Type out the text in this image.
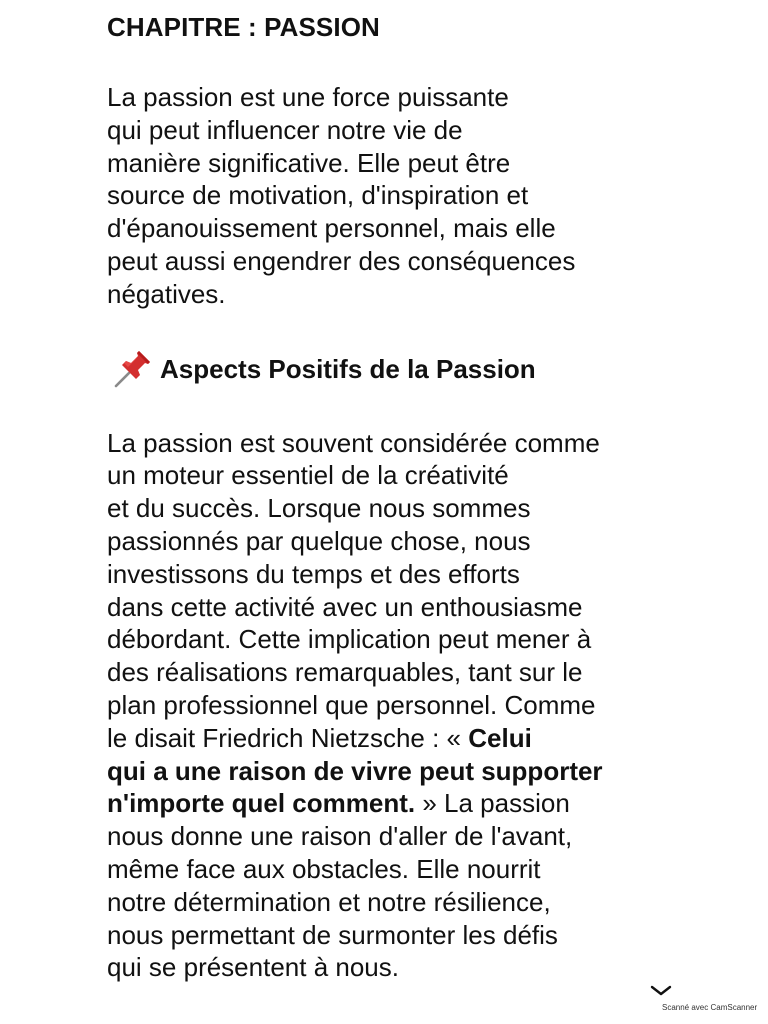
CHAPITRE : PASSION

La passion est une force puissante
qui peut influencer notre vie de
manière significative. Elle peut être
source de motivation, d'inspiration et
d'épanouissement personnel, mais elle
peut aussi engendrer des conséquences
négatives.

Aspects Positifs de la Passion

La passion est souvent considérée comme
un moteur essentiel de la créativité
et du succès. Lorsque nous sommes
passionnés par quelque chose, nous
investissons du temps et des efforts
dans cette activité avec un enthousiasme
débordant. Cette implication peut mener à
des réalisations remarquables, tant sur le
plan professionnel que personnel. Comme
le disait Friedrich Nietzsche : « Celui
qui a une raison de vivre peut supporter
n'importe quel comment. » La passion
nous donne une raison d'aller de l'avant,
même face aux obstacles. Elle nourrit
notre détermination et notre résilience,
nous permettant de surmonter les défis
qui se présentent à nous.

Scanné avec CamScanner
